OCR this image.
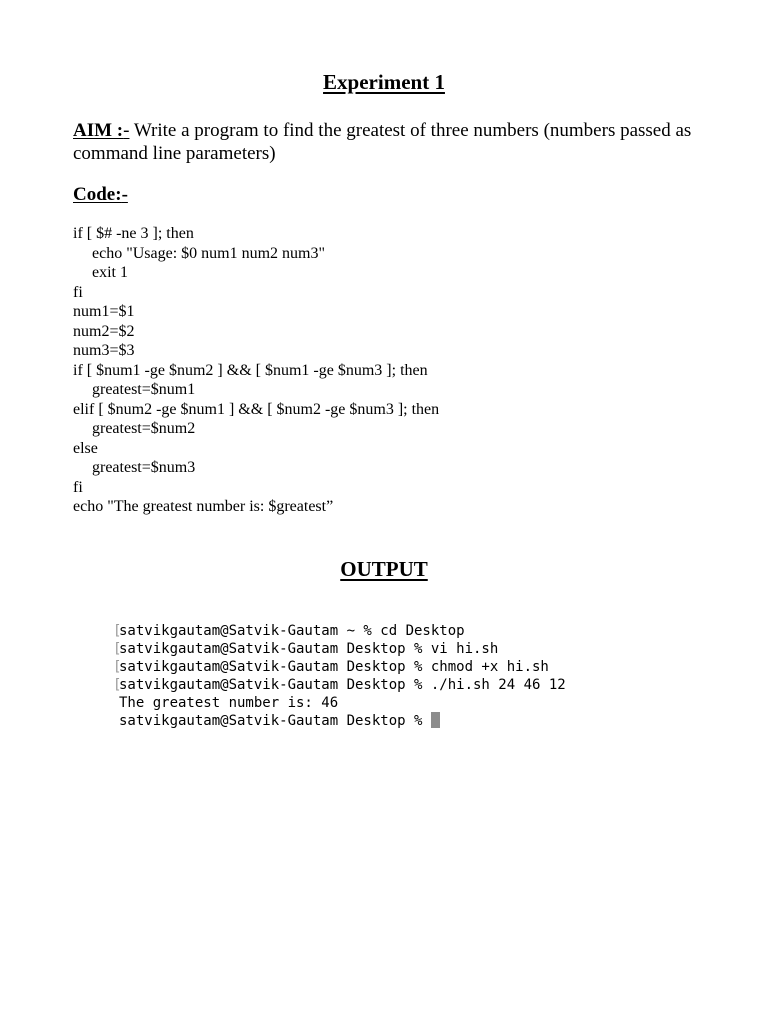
Experiment 1

AIM :- Write a program to find the greatest of three numbers (numbers passed as command line parameters)

Code:-

if [ $# -ne 3 ]; then
echo "Usage: $0 num1 num2 num3"
exit 1
fi
num1=$1
num2=$2
num3=$3
if [ $num1 -ge $num2 ] && [ $num1 -ge $num3 ]; then
greatest=$num1
elif [ $num2 -ge $num1 ] && [ $num2 -ge $num3 ]; then
greatest=$num2
else
greatest=$num3
fi
echo "The greatest number is: $greatest”
OUTPUT
[satvikgautam@Satvik-Gautam ~ % cd Desktop
[satvikgautam@Satvik-Gautam Desktop % vi hi.sh
[satvikgautam@Satvik-Gautam Desktop % chmod +x hi.sh
[satvikgautam@Satvik-Gautam Desktop % ./hi.sh 24 46 12
The greatest number is: 46
satvikgautam@Satvik-Gautam Desktop %
